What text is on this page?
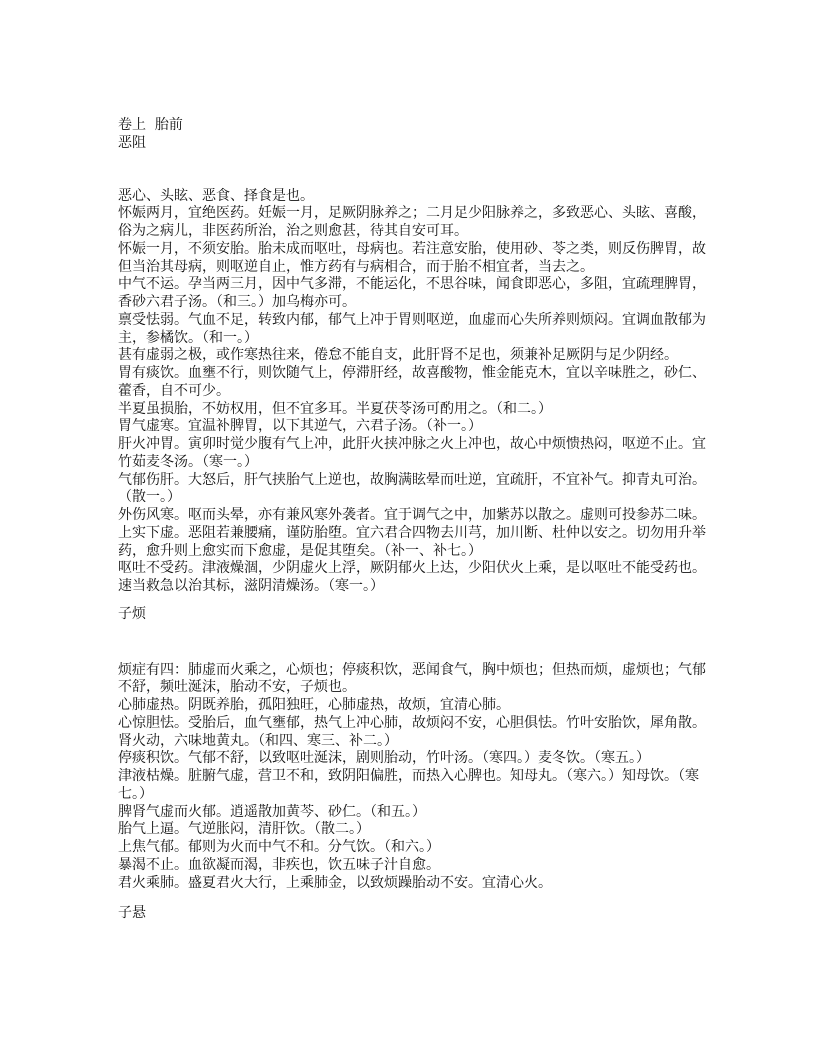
卷上  胎前

恶阻

恶心、头眩、恶食、择食是也。

怀娠两月，宜绝医药。妊娠一月，足厥阴脉养之；二月足少阳脉养之，多致恶心、头眩、喜酸，俗为之病儿，非医药所治，治之则愈甚，待其自安可耳。

怀娠一月，不须安胎。胎未成而呕吐，母病也。若注意安胎，使用砂、苓之类，则反伤脾胃，故但当治其母病，则呕逆自止，惟方药有与病相合，而于胎不相宜者，当去之。

中气不运。孕当两三月，因中气多滞，不能运化，不思谷味，闻食即恶心，多阻，宜疏理脾胃，香砂六君子汤。（和三。）加乌梅亦可。

禀受怯弱。气血不足，转致内郁，郁气上冲于胃则呕逆，血虚而心失所养则烦闷。宜调血散郁为主，参橘饮。（和一。）

甚有虚弱之极，或作寒热往来，倦怠不能自支，此肝肾不足也，须兼补足厥阴与足少阴经。

胃有痰饮。血壅不行，则饮随气上，停滞肝经，故喜酸物，惟金能克木，宜以辛味胜之，砂仁、藿香，自不可少。

半夏虽损胎，不妨权用，但不宜多耳。半夏茯苓汤可酌用之。（和二。）

胃气虚寒。宜温补脾胃，以下其逆气，六君子汤。（补一。）

肝火冲胃。寅卯时觉少腹有气上冲，此肝火挟冲脉之火上冲也，故心中烦愦热闷，呕逆不止。宜竹茹麦冬汤。（寒一。）

气郁伤肝。大怒后，肝气挟胎气上逆也，故胸满眩晕而吐逆，宜疏肝，不宜补气。抑青丸可治。（散一。）

外伤风寒。呕而头晕，亦有兼风寒外袭者。宜于调气之中，加紫苏以散之。虚则可投参苏二味。

上实下虚。恶阻若兼腰痛，谨防胎堕。宜六君合四物去川芎，加川断、杜仲以安之。切勿用升举药，愈升则上愈实而下愈虚，是促其堕矣。（补一、补七。）

呕吐不受药。津液燥涸，少阴虚火上浮，厥阴郁火上达，少阳伏火上乘，是以呕吐不能受药也。速当救急以治其标，滋阴清燥汤。（寒一。）

子烦

烦症有四：肺虚而火乘之，心烦也；停痰积饮，恶闻食气，胸中烦也；但热而烦，虚烦也；气郁不舒，频吐涎沫，胎动不安，子烦也。

心肺虚热。阴既养胎，孤阳独旺，心肺虚热，故烦，宜清心肺。

心惊胆怯。受胎后，血气壅郁，热气上冲心肺，故烦闷不安，心胆俱怯。竹叶安胎饮，犀角散。肾火动，六味地黄丸。（和四、寒三、补二。）

停痰积饮。气郁不舒，以致呕吐涎沫，剧则胎动，竹叶汤。（寒四。）麦冬饮。（寒五。）

津液枯燥。脏腑气虚，营卫不和，致阴阳偏胜，而热入心脾也。知母丸。（寒六。）知母饮。（寒七。）

脾肾气虚而火郁。逍遥散加黄芩、砂仁。（和五。）

胎气上逼。气逆胀闷，清肝饮。（散二。）

上焦气郁。郁则为火而中气不和。分气饮。（和六。）

暴渴不止。血欲凝而渴，非疾也，饮五味子汁自愈。

君火乘肺。盛夏君火大行，上乘肺金，以致烦躁胎动不安。宜清心火。

子悬
